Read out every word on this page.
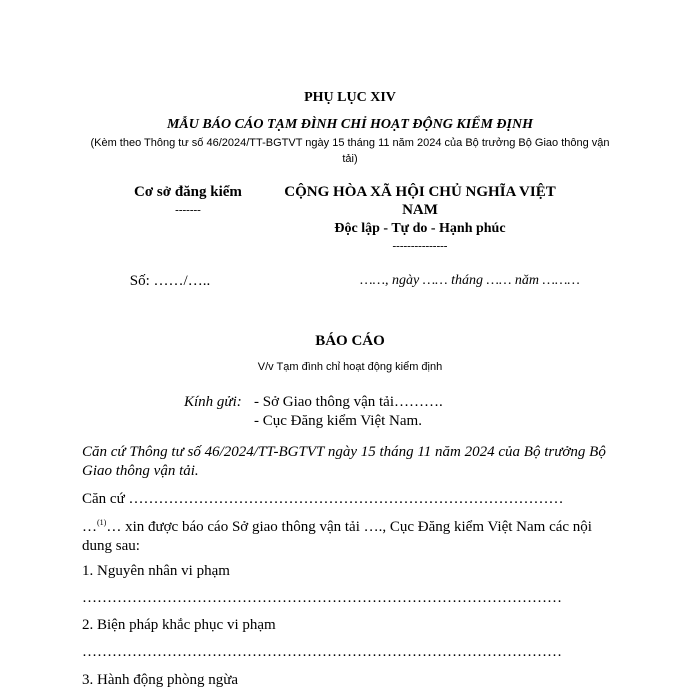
PHỤ LỤC XIV
MẪU BÁO CÁO TẠM ĐÌNH CHỈ HOẠT ĐỘNG KIỂM ĐỊNH
(Kèm theo Thông tư số 46/2024/TT-BGTVT ngày 15 tháng 11 năm 2024 của Bộ trưởng Bộ Giao thông vận
tải)
Cơ sở đăng kiểm
-------
Số: ……/…..
CỘNG HÒA XÃ HỘI CHỦ NGHĨA VIỆT
NAM
Độc lập - Tự do - Hạnh phúc
---------------
……, ngày …… tháng …… năm ………
BÁO CÁO
V/v Tạm đình chỉ hoạt động kiểm định
Kính gửi: - Sở Giao thông vận tải……….
- Cục Đăng kiểm Việt Nam.
Căn cứ Thông tư số 46/2024/TT-BGTVT ngày 15 tháng 11 năm 2024 của Bộ trưởng Bộ
Giao thông vận tải.
Căn cứ ……………………………………………………………………………
…$^{(1)}$… xin được báo cáo Sở giao thông vận tải …., Cục Đăng kiểm Việt Nam các nội
dung sau:
1. Nguyên nhân vi phạm
……………………………………………………………………………………
2. Biện pháp khắc phục vi phạm
……………………………………………………………………………………
3. Hành động phòng ngừa
